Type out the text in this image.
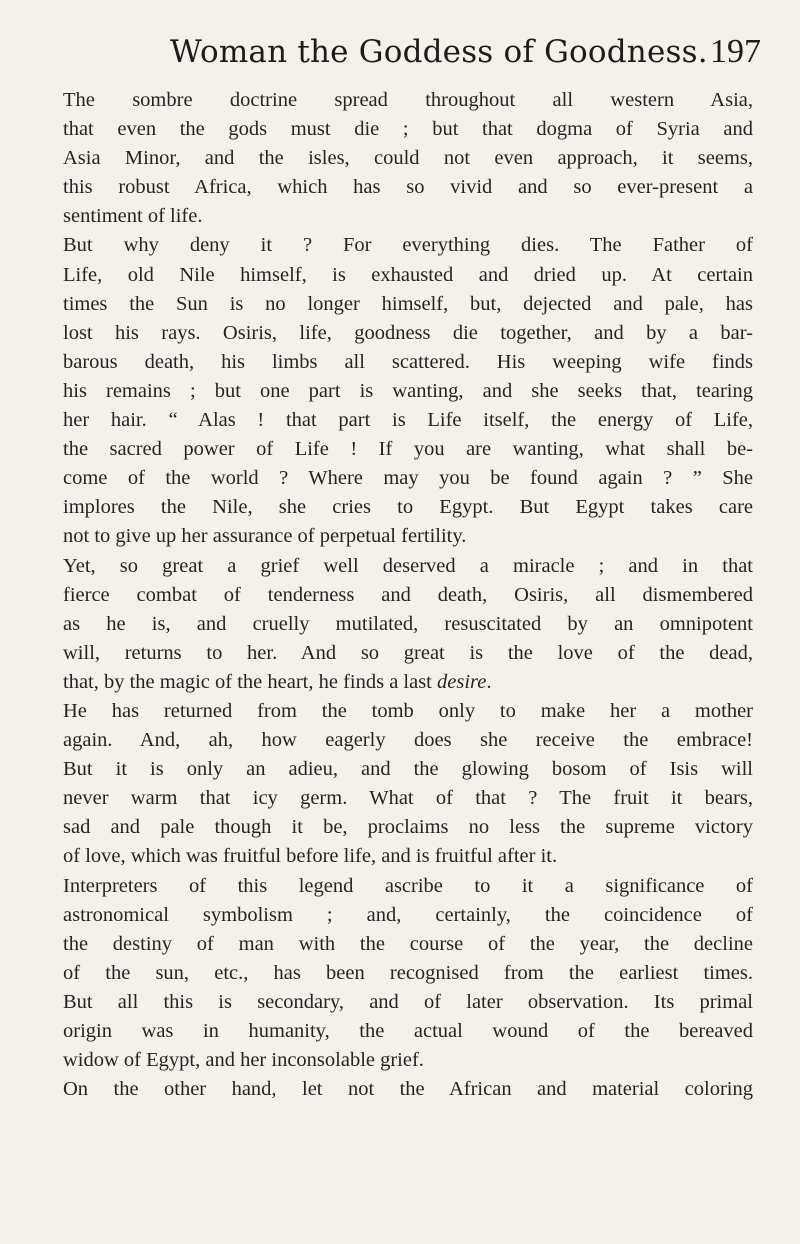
Woman the Goddess of Goodness. 197
The sombre doctrine spread throughout all western Asia,
that even the gods must die ; but that dogma of Syria and
Asia Minor, and the isles, could not even approach, it seems,
this robust Africa, which has so vivid and so ever-present a
sentiment of life.
But why deny it ? For everything dies. The Father of
Life, old Nile himself, is exhausted and dried up. At certain
times the Sun is no longer himself, but, dejected and pale, has
lost his rays. Osiris, life, goodness die together, and by a bar-
barous death, his limbs all scattered. His weeping wife finds
his remains ; but one part is wanting, and she seeks that, tearing
her hair. “ Alas ! that part is Life itself, the energy of Life,
the sacred power of Life ! If you are wanting, what shall be-
come of the world ? Where may you be found again ? ” She
implores the Nile, she cries to Egypt. But Egypt takes care
not to give up her assurance of perpetual fertility.
Yet, so great a grief well deserved a miracle ; and in that
fierce combat of tenderness and death, Osiris, all dismembered
as he is, and cruelly mutilated, resuscitated by an omnipotent
will, returns to her. And so great is the love of the dead,
that, by the magic of the heart, he finds a last desire.
He has returned from the tomb only to make her a mother
again. And, ah, how eagerly does she receive the embrace!
But it is only an adieu, and the glowing bosom of Isis will
never warm that icy germ. What of that ? The fruit it bears,
sad and pale though it be, proclaims no less the supreme victory
of love, which was fruitful before life, and is fruitful after it.
Interpreters of this legend ascribe to it a significance of
astronomical symbolism ; and, certainly, the coincidence of
the destiny of man with the course of the year, the decline
of the sun, etc., has been recognised from the earliest times.
But all this is secondary, and of later observation. Its primal
origin was in humanity, the actual wound of the bereaved
widow of Egypt, and her inconsolable grief.
On the other hand, let not the African and material coloring
